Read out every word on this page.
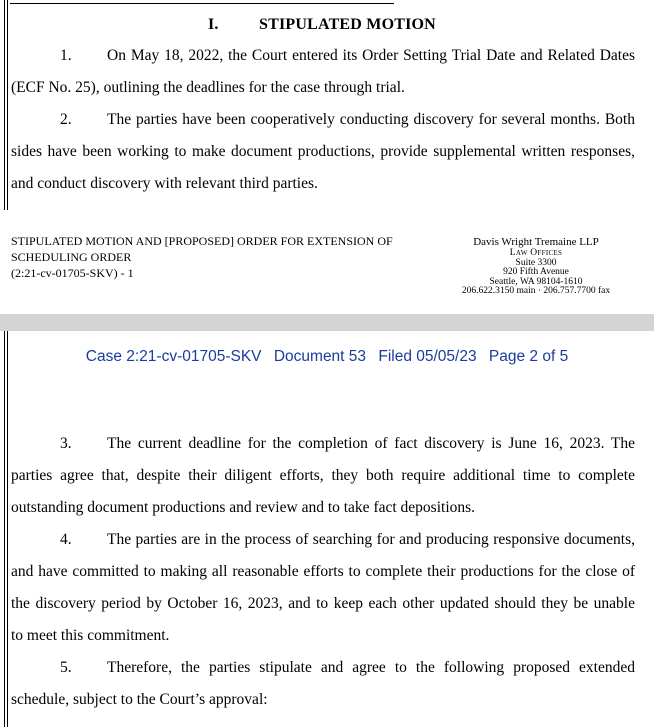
I.	STIPULATED MOTION
1. On May 18, 2022, the Court entered its Order Setting Trial Date and Related Dates
(ECF No. 25), outlining the deadlines for the case through trial.
2. The parties have been cooperatively conducting discovery for several months. Both
sides have been working to make document productions, provide supplemental written responses,
and conduct discovery with relevant third parties.
STIPULATED MOTION AND [PROPOSED] ORDER FOR EXTENSION OF
SCHEDULING ORDER
(2:21-cv-01705-SKV) - 1
Davis Wright Tremaine LLP
Law Offices
Suite 3300
920 Fifth Avenue
Seattle, WA 98104-1610
206.622.3150 main · 206.757.7700 fax
Case 2:21-cv-01705-SKV Document 53 Filed 05/05/23 Page 2 of 5
3. The current deadline for the completion of fact discovery is June 16, 2023. The
parties agree that, despite their diligent efforts, they both require additional time to complete
outstanding document productions and review and to take fact depositions.
4. The parties are in the process of searching for and producing responsive documents,
and have committed to making all reasonable efforts to complete their productions for the close of
the discovery period by October 16, 2023, and to keep each other updated should they be unable
to meet this commitment.
5. Therefore, the parties stipulate and agree to the following proposed extended
schedule, subject to the Court’s approval:
